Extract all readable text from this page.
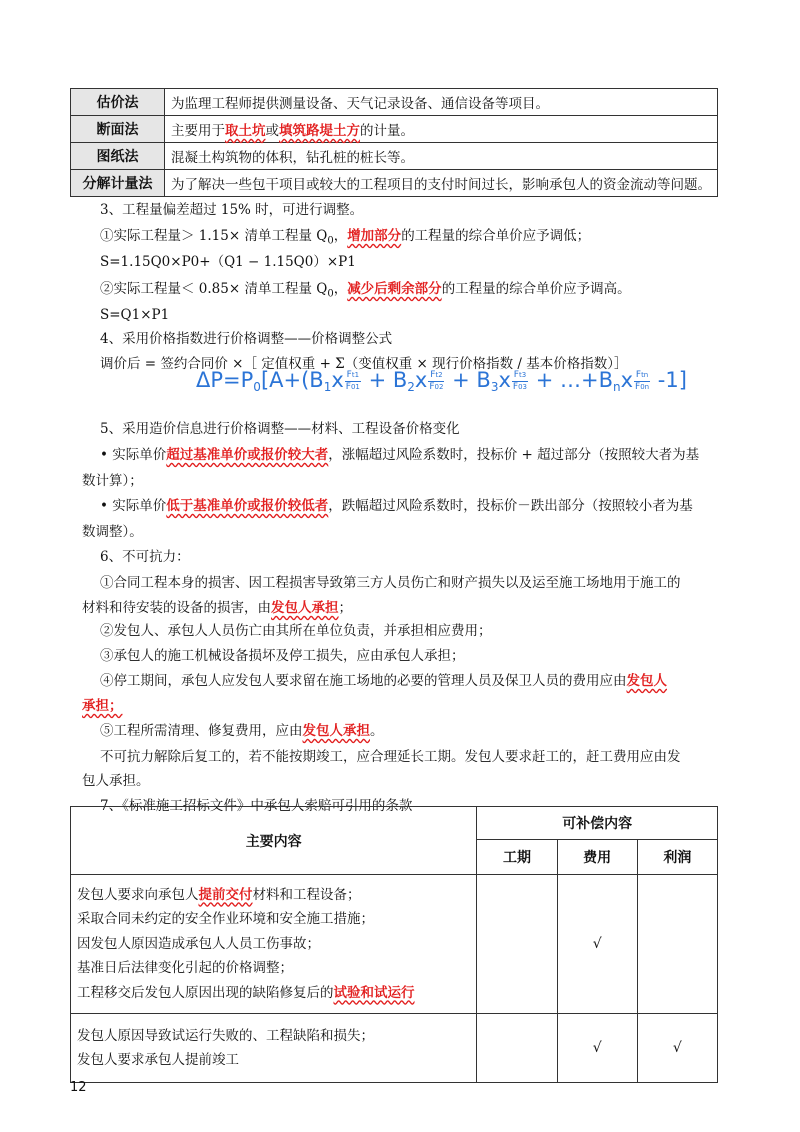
估价法	为监理工程师提供测量设备、天气记录设备、通信设备等项目。
断面法	主要用于取土坑或填筑路堤土方的计量。
图纸法	混凝土构筑物的体积，钻孔桩的桩长等。
分解计量法	为了解决一些包干项目或较大的工程项目的支付时间过长，影响承包人的资金流动等问题。
3、工程量偏差超过 15% 时，可进行调整。
①实际工程量＞ 1.15× 清单工程量 $Q_0$，增加部分的工程量的综合单价应予调低；
S=1.15Q0×P0+（Q1 − 1.15Q0）×P1
②实际工程量＜ 0.85× 清单工程量 $Q_0$，减少后剩余部分的工程量的综合单价应予调高。
S=Q1×P1
4、采用价格指数进行价格调整——价格调整公式
调价后 = 签约合同价 ×［ 定值权重 + Σ（变值权重 × 现行价格指数 / 基本价格指数）］
$\Delta P=P_0[A+(B_1x \frac{Ft1}{F01} + B_2x \frac{Ft2}{F02} + B_3x \frac{Ft3}{F03}$ + $\dots+B_nx \frac{\text{Ftn}}{F0n} -1$]
5、采用造价信息进行价格调整——材料、工程设备价格变化
• 实际单价超过基准单价或报价较大者，涨幅超过风险系数时，投标价 + 超过部分（按照较大者为基
数计算）；
• 实际单价低于基准单价或报价较低者，跌幅超过风险系数时，投标价－跌出部分（按照较小者为基
数调整）。
6、不可抗力：
①合同工程本身的损害、因工程损害导致第三方人员伤亡和财产损失以及运至施工场地用于施工的
材料和待安装的设备的损害，由发包人承担；
②发包人、承包人人员伤亡由其所在单位负责，并承担相应费用；
③承包人的施工机械设备损坏及停工损失，应由承包人承担；
④停工期间，承包人应发包人要求留在施工场地的必要的管理人员及保卫人员的费用应由发包人
承担；
⑤工程所需清理、修复费用，应由发包人承担。
不可抗力解除后复工的，若不能按期竣工，应合理延长工期。发包人要求赶工的，赶工费用应由发
包人承担。
7、《标准施工招标文件》中承包人索赔可引用的条款
主要内容	可补偿内容		
	工期	费用	利润

发包人要求向承包人提前交付材料和工程设备；
采取合同未约定的安全作业环境和安全施工措施；
因发包人原因造成承包人人员工伤事故；
基准日后法律变化引起的价格调整；
工程移交后发包人原因出现的缺陷修复后的试验和试运行		√	

发包人原因导致试运行失败的、工程缺陷和损失；
发包人要求承包人提前竣工		√	√
12
